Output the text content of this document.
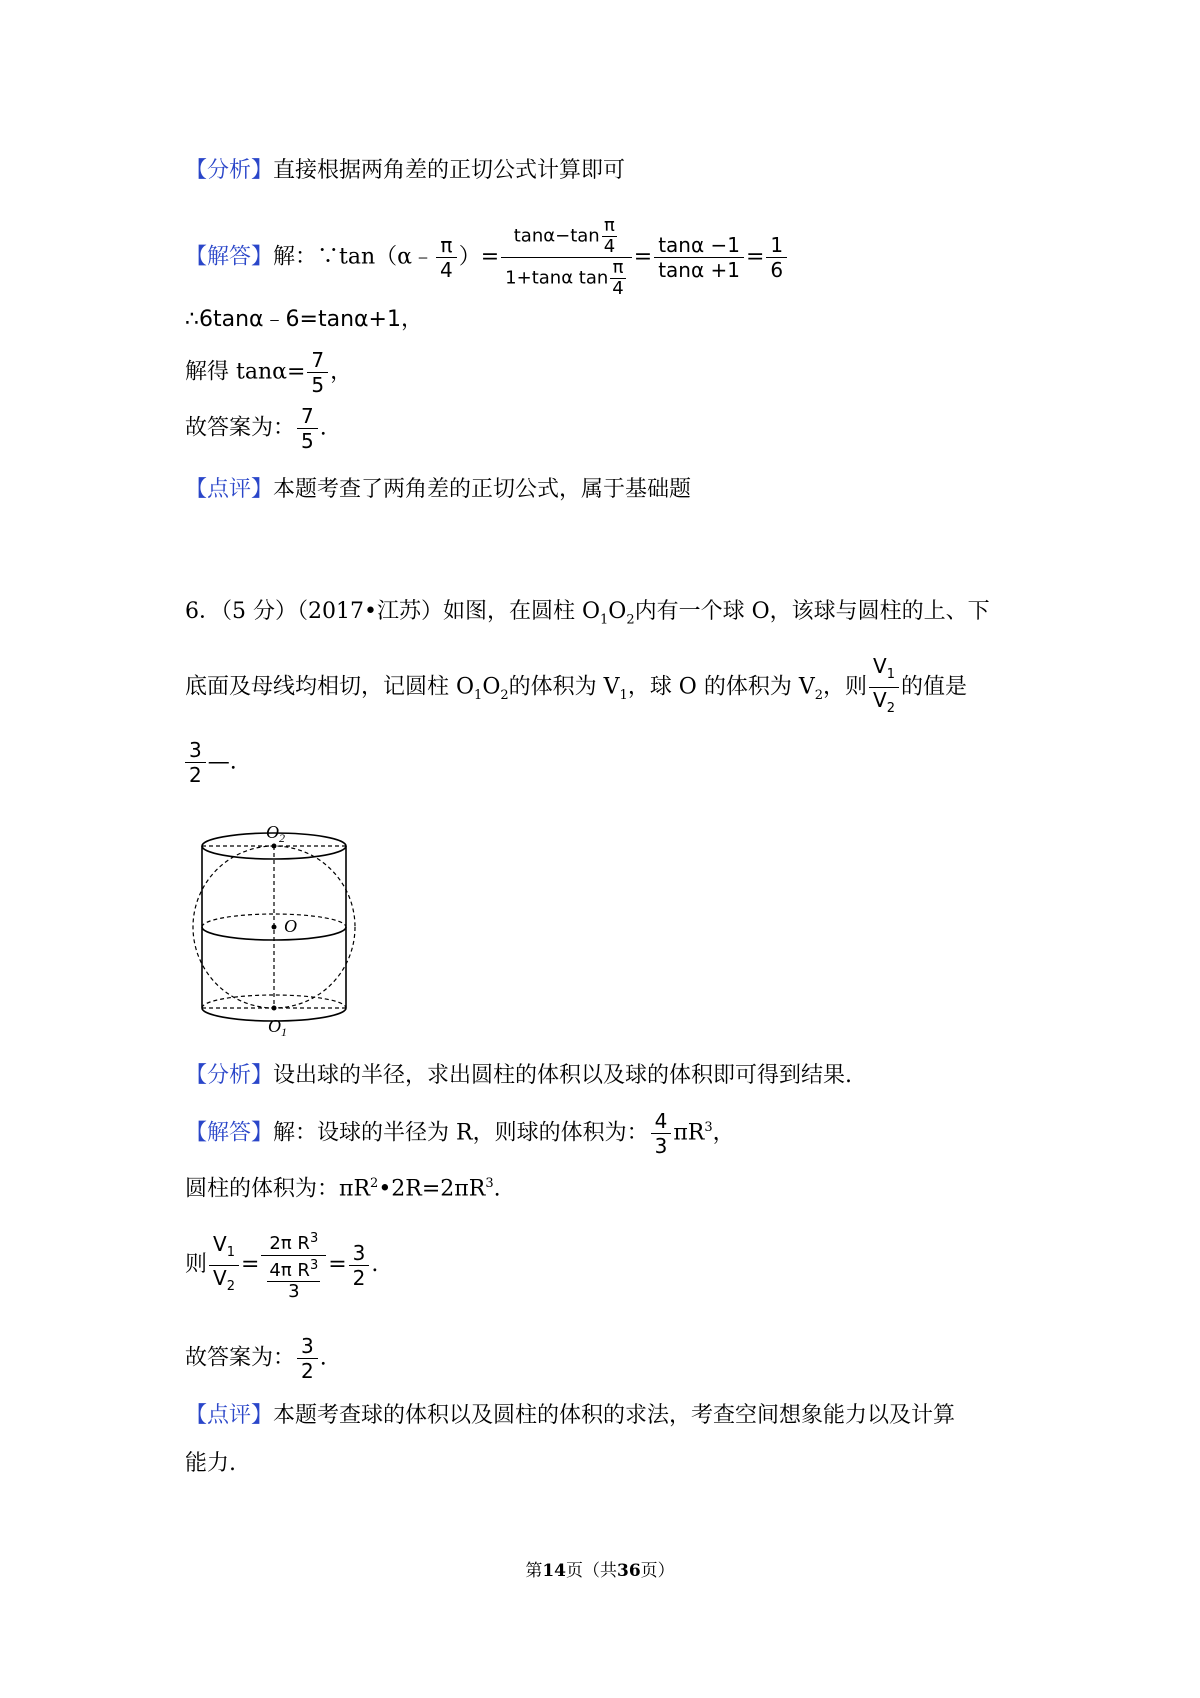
【分析】直接根据两角差的正切公式计算即可
【解答】解：∵tan（α﹣ $\frac{\pi}{4}$ ）= $\frac{\tan\alpha-\tan \frac{\pi}{4}}{1+\tan\alpha \tan \frac{\pi}{4}} = \frac{\tan\alpha -1}{\tan\alpha +1} = \frac{1}{6}$
∴6tanα﹣6=tanα+1，
解得 $\tan\alpha= \frac{7}{5}$ ，
故答案为： $\frac{7}{5}$ .
【点评】本题考查了两角差的正切公式，属于基础题
6．（5 分）（2017•江苏）如图，在圆柱 $O_1O_2$内有一个球 O，该球与圆柱的上、下
底面及母线均相切，记圆柱 $O_1O_2$的体积为 $V_1$，球 O 的体积为 $V_2$，则 $\frac{V_1}{V_2}$ 的值是
$\frac{3}{2}$ —.
$O_2$
O
$O_1$
【分析】设出球的半径，求出圆柱的体积以及球的体积即可得到结果.
【解答】解：设球的半径为 R，则球的体积为： $\frac{4}{3} \pi R^3$，
圆柱的体积为：$\pi R^2•2R=2\pi R^3$.
则 $\frac{V_1}{V_2} = \frac{2\pi R^3}{\frac{4\pi R^3}{3}} = \frac{3}{2}$ .
故答案为： $\frac{3}{2}$ .
【点评】本题考查球的体积以及圆柱的体积的求法，考查空间想象能力以及计算
能力.
第14页（共36页）
